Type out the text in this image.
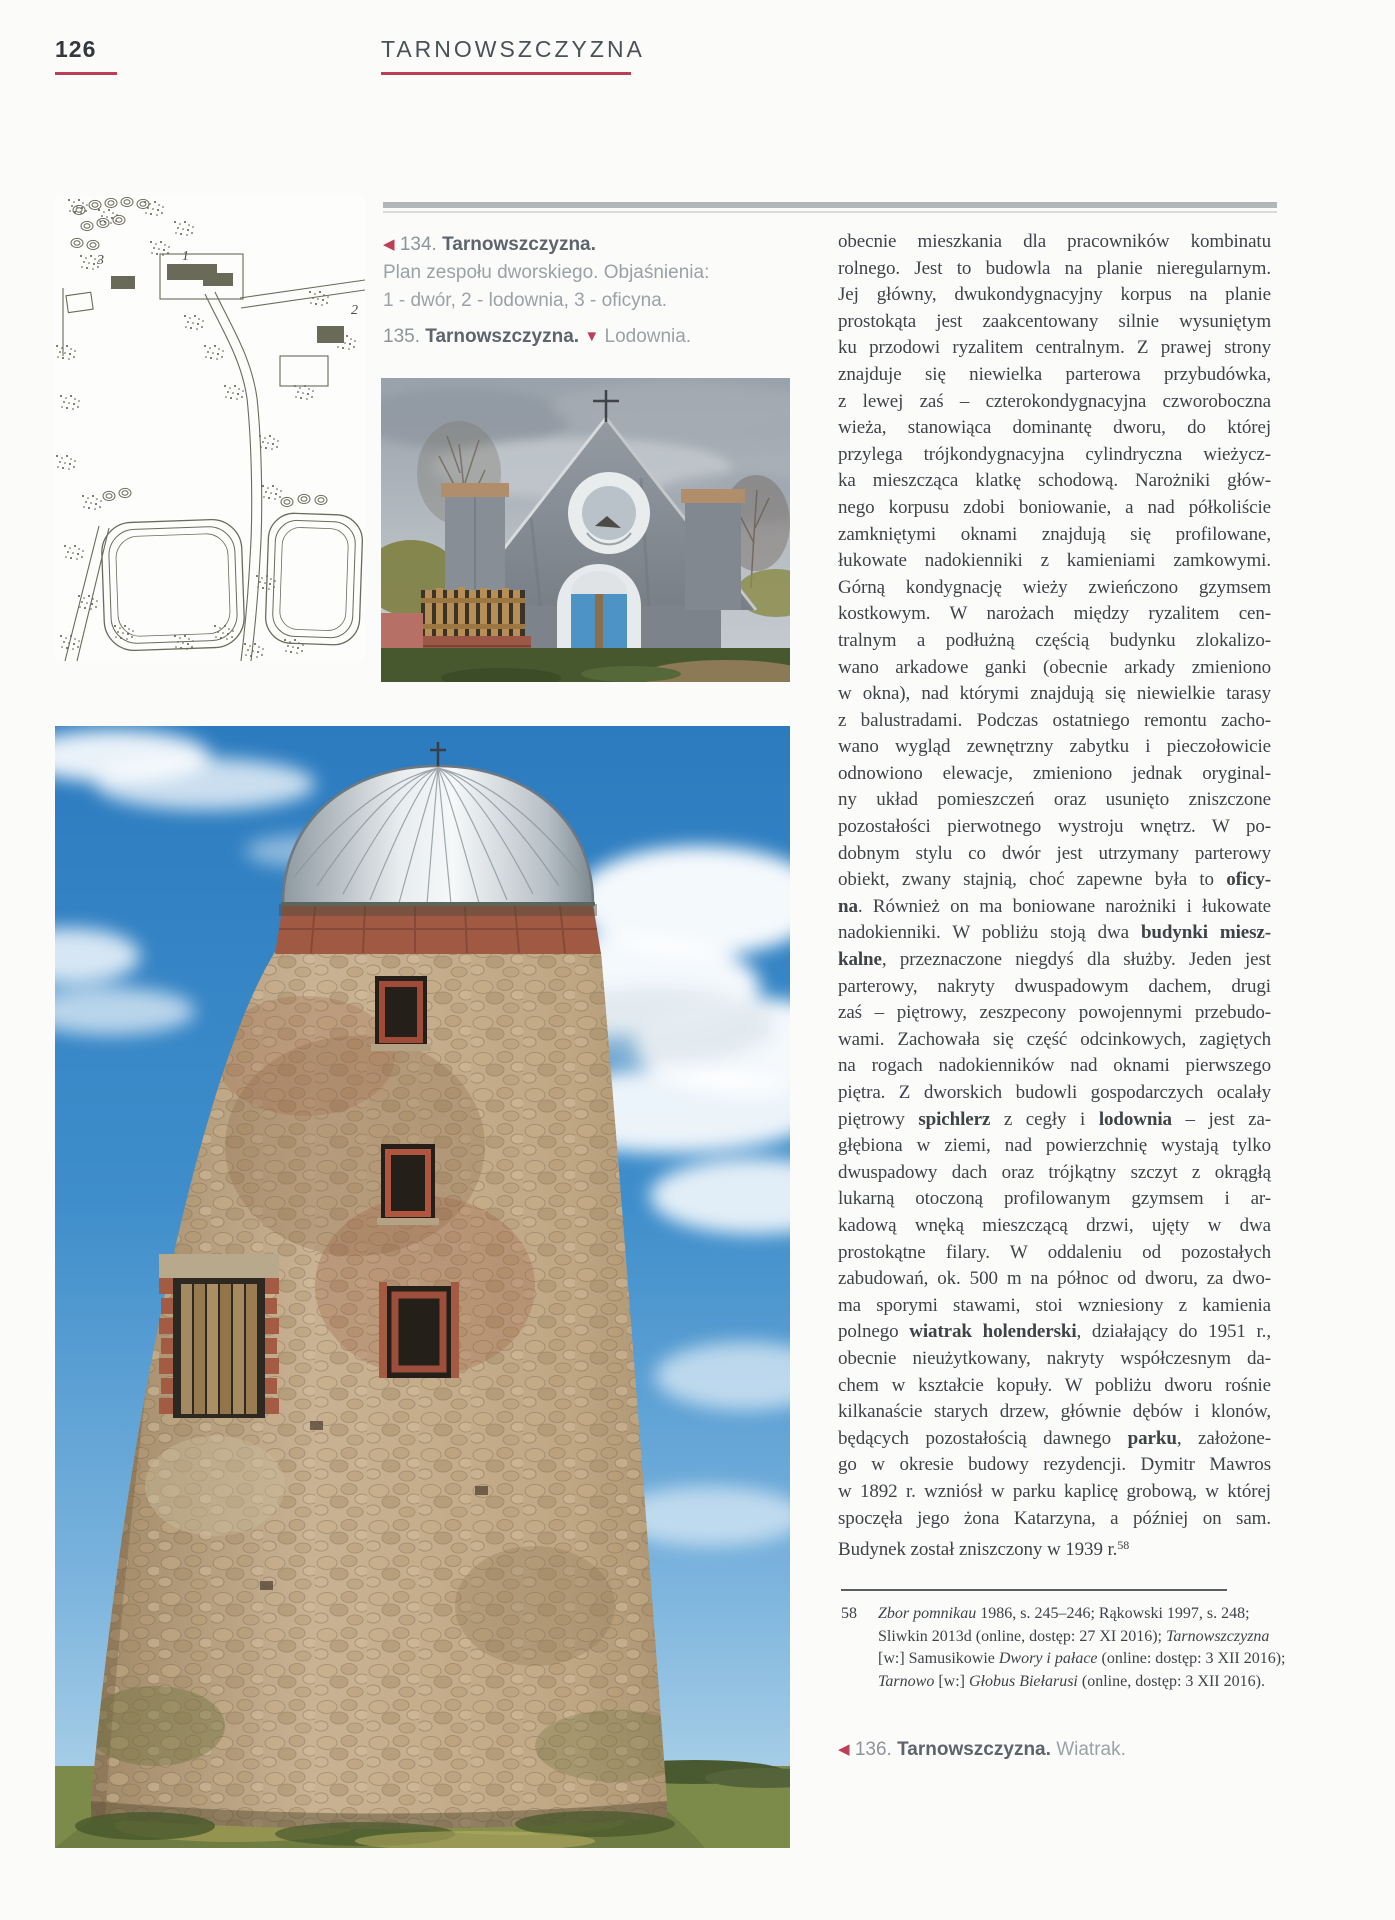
126	TARNOWSZCZYZNA
◀ 134. Tarnowszczyzna.
Plan zespołu dworskiego. Objaśnienia:
1 - dwór, 2 - lodownia, 3 - oficyna.
135. Tarnowszczyzna. ▼ Lodownia.
3	1
2
obecnie mieszkania dla pracowników kombinatu
rolnego. Jest to budowla na planie nieregularnym.
Jej główny, dwukondygnacyjny korpus na planie
prostokąta jest zaakcentowany silnie wysuniętym
ku przodowi ryzalitem centralnym. Z prawej strony
znajduje się niewielka parterowa przybudówka,
z lewej zaś – czterokondygnacyjna czworoboczna
wieża, stanowiąca dominantę dworu, do której
przylega trójkondygnacyjna cylindryczna wieżycz-
ka mieszcząca klatkę schodową. Narożniki głów-
nego korpusu zdobi boniowanie, a nad półkoliście
zamkniętymi oknami znajdują się profilowane,
łukowate nadokienniki z kamieniami zamkowymi.
Górną kondygnację wieży zwieńczono gzymsem
kostkowym. W narożach między ryzalitem cen-
tralnym a podłużną częścią budynku zlokalizo-
wano arkadowe ganki (obecnie arkady zmieniono
w okna), nad którymi znajdują się niewielkie tarasy
z balustradami. Podczas ostatniego remontu zacho-
wano wygląd zewnętrzny zabytku i pieczołowicie
odnowiono elewacje, zmieniono jednak oryginal-
ny układ pomieszczeń oraz usunięto zniszczone
pozostałości pierwotnego wystroju wnętrz. W po-
dobnym stylu co dwór jest utrzymany parterowy
obiekt, zwany stajnią, choć zapewne była to oficy-
na. Również on ma boniowane narożniki i łukowate
nadokienniki. W pobliżu stoją dwa budynki miesz-
kalne, przeznaczone niegdyś dla służby. Jeden jest
parterowy, nakryty dwuspadowym dachem, drugi
zaś – piętrowy, zeszpecony powojennymi przebudo-
wami. Zachowała się część odcinkowych, zagiętych
na rogach nadokienników nad oknami pierwszego
piętra. Z dworskich budowli gospodarczych ocalały
piętrowy spichlerz z cegły i lodownia – jest za-
głębiona w ziemi, nad powierzchnię wystają tylko
dwuspadowy dach oraz trójkątny szczyt z okrągłą
lukarną otoczoną profilowanym gzymsem i ar-
kadową wnęką mieszczącą drzwi, ujęty w dwa
prostokątne filary. W oddaleniu od pozostałych
zabudowań, ok. 500 m na północ od dworu, za dwo-
ma sporymi stawami, stoi wzniesiony z kamienia
polnego wiatrak holenderski, działający do 1951 r.,
obecnie nieużytkowany, nakryty współczesnym da-
chem w kształcie kopuły. W pobliżu dworu rośnie
kilkanaście starych drzew, głównie dębów i klonów,
będących pozostałością dawnego parku, założone-
go w okresie budowy rezydencji. Dymitr Mawros
w 1892 r. wzniósł w parku kaplicę grobową, w której
spoczęła jego żona Katarzyna, a później on sam.
Budynek został zniszczony w 1939 r.$^{58}$
58	Zbor pomnikau 1986, s. 245–246; Rąkowski 1997, s. 248;
Sliwkin 2013d (online, dostęp: 27 XI 2016); Tarnowszczyzna
[w:] Samusikowie Dwory i pałace (online: dostęp: 3 XII 2016);
Tarnowo [w:] Głobus Biełarusi (online, dostęp: 3 XII 2016).
◀ 136. Tarnowszczyzna. Wiatrak.
